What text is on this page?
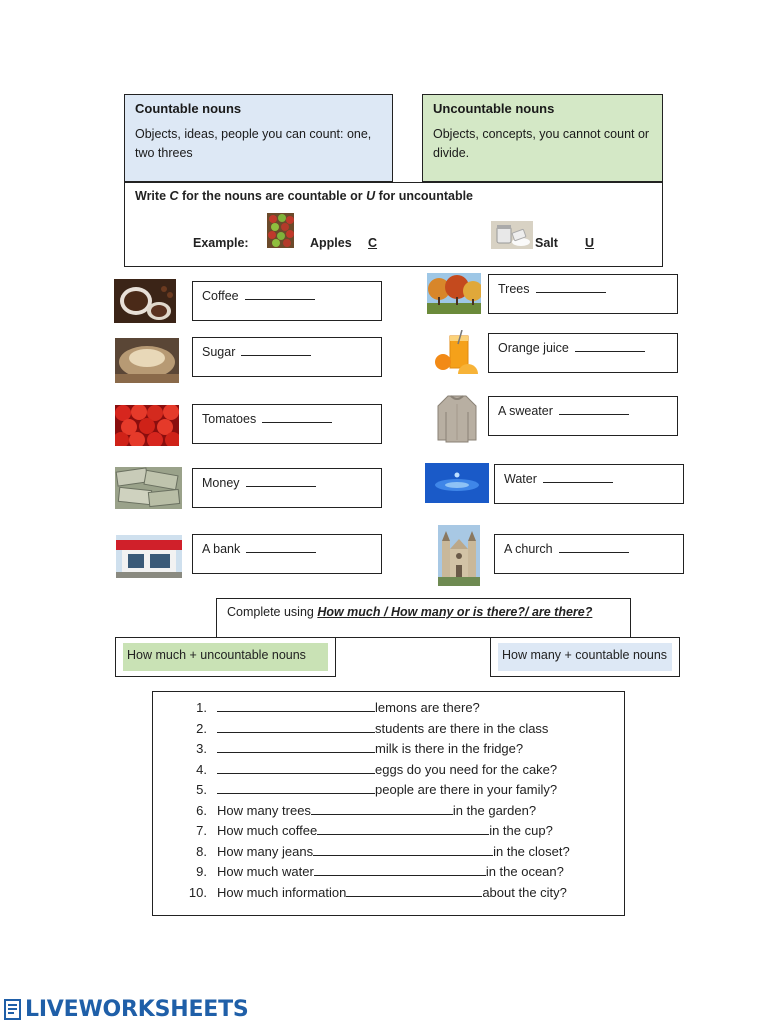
Countable nouns
Objects, ideas, people you can count: one, two threes
Uncountable nouns
Objects, concepts, you cannot count or divide.
Write C for the nouns are countable or U for uncountable
Example:	Apples C	Salt U
Coffee
Sugar
Tomatoes
Money
A bank
Trees
Orange juice
A sweater
Water
A church
Complete using How much / How many or is there?/ are there?
How much + uncountable nouns	How many + countable nouns
1.	lemons are there?
2.	students are there in the class
3.	milk is there in the fridge?
4.	eggs do you need for the cake?
5.	people are there in your family?
6. How many trees	in the garden?
7. How much coffee	in the cup?
8. How many jeans	in the closet?
9. How much water	in the ocean?
10. How much information	about the city?
LIVEWORKSHEETS
